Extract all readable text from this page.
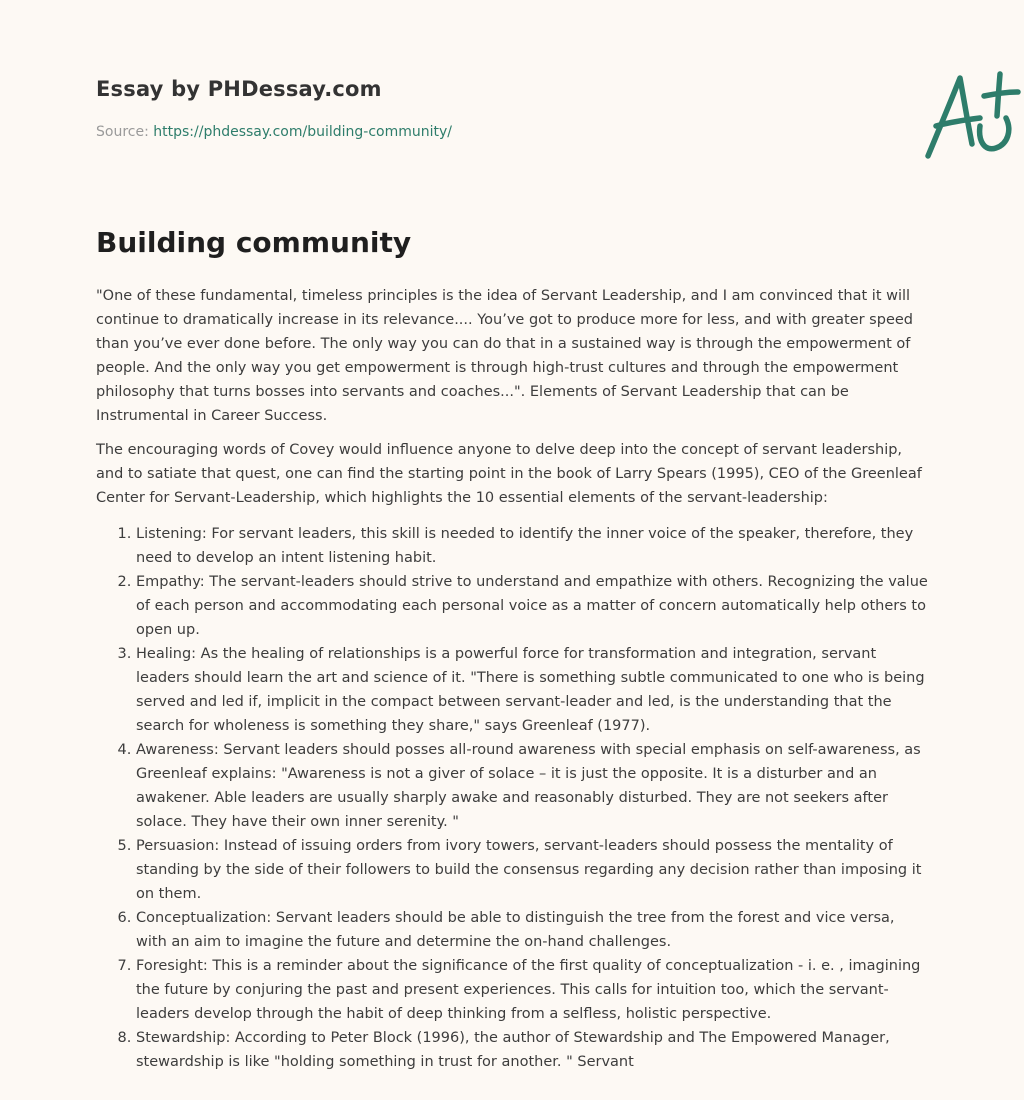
Essay by PHDessay.com
Source: https://phdessay.com/building-community/
Building community

"One of these fundamental, timeless principles is the idea of Servant Leadership, and I am convinced that it will continue to dramatically increase in its relevance.... You’ve got to produce more for less, and with greater speed than you’ve ever done before. The only way you can do that in a sustained way is through the empowerment of people. And the only way you get empowerment is through high-trust cultures and through the empowerment philosophy that turns bosses into servants and coaches...". Elements of Servant Leadership that can be Instrumental in Career Success.

The encouraging words of Covey would influence anyone to delve deep into the concept of servant leadership, and to satiate that quest, one can find the starting point in the book of Larry Spears (1995), CEO of the Greenleaf Center for Servant-Leadership, which highlights the 10 essential elements of the servant-leadership:

1. Listening: For servant leaders, this skill is needed to identify the inner voice of the speaker, therefore, they need to develop an intent listening habit.
2. Empathy: The servant-leaders should strive to understand and empathize with others. Recognizing the value of each person and accommodating each personal voice as a matter of concern automatically help others to open up.
3. Healing: As the healing of relationships is a powerful force for transformation and integration, servant leaders should learn the art and science of it. "There is something subtle communicated to one who is being served and led if, implicit in the compact between servant-leader and led, is the understanding that the search for wholeness is something they share," says Greenleaf (1977).
4. Awareness: Servant leaders should posses all-round awareness with special emphasis on self-awareness, as Greenleaf explains: "Awareness is not a giver of solace – it is just the opposite. It is a disturber and an awakener. Able leaders are usually sharply awake and reasonably disturbed. They are not seekers after solace. They have their own inner serenity. "
5. Persuasion: Instead of issuing orders from ivory towers, servant-leaders should possess the mentality of standing by the side of their followers to build the consensus regarding any decision rather than imposing it on them.
6. Conceptualization: Servant leaders should be able to distinguish the tree from the forest and vice versa, with an aim to imagine the future and determine the on-hand challenges.
7. Foresight: This is a reminder about the significance of the first quality of conceptualization - i. e. , imagining the future by conjuring the past and present experiences. This calls for intuition too, which the servant-leaders develop through the habit of deep thinking from a selfless, holistic perspective.
8. Stewardship: According to Peter Block (1996), the author of Stewardship and The Empowered Manager, stewardship is like "holding something in trust for another. " Servant
